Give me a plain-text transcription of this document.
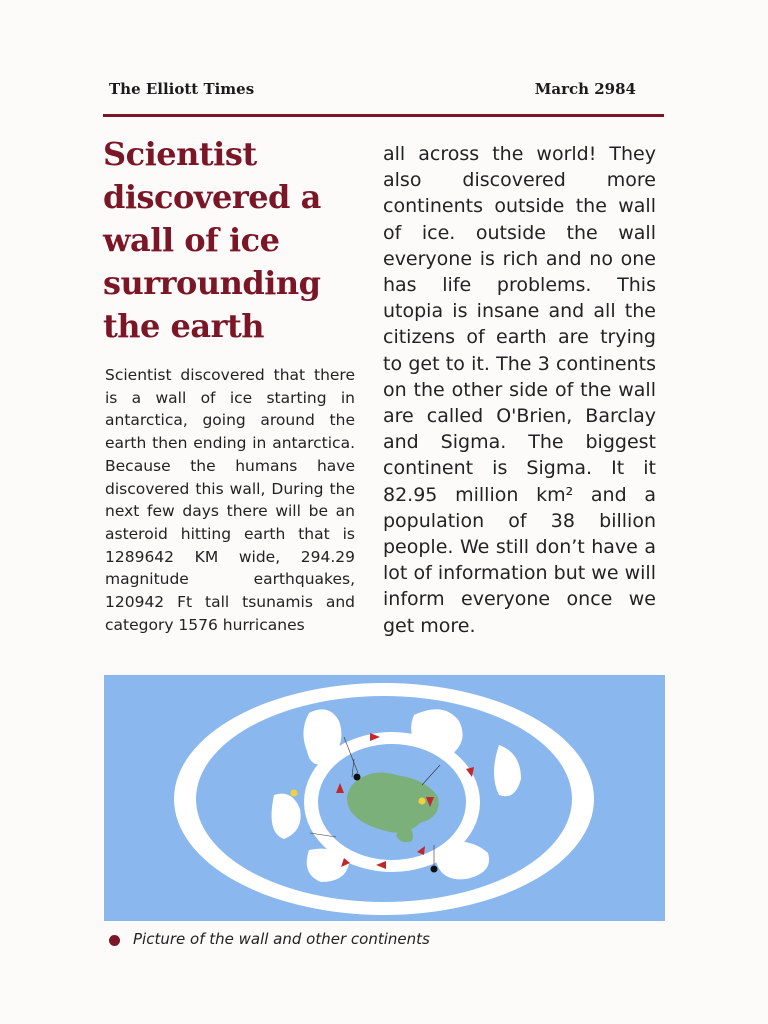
The Elliott Times	March 2984
Scientist discovered a wall of ice surrounding the earth

Scientist discovered that there is a wall of ice starting in antarctica, going around the earth then ending in antarctica. Because the humans have discovered this wall, During the next few days there will be an asteroid hitting earth that is 1289642 KM wide, 294.29 magnitude earthquakes, 120942 Ft tall tsunamis and category 1576 hurricanes

all across the world! They also discovered more continents outside the wall of ice. outside the wall everyone is rich and no one has life problems. This utopia is insane and all the citizens of earth are trying to get to it. The 3 continents on the other side of the wall are called O'Brien, Barclay and Sigma. The biggest continent is Sigma. It it 82.95 million km² and a population of 38 billion people. We still don’t have a lot of information but we will inform everyone once we get more.

Picture of the wall and other continents
